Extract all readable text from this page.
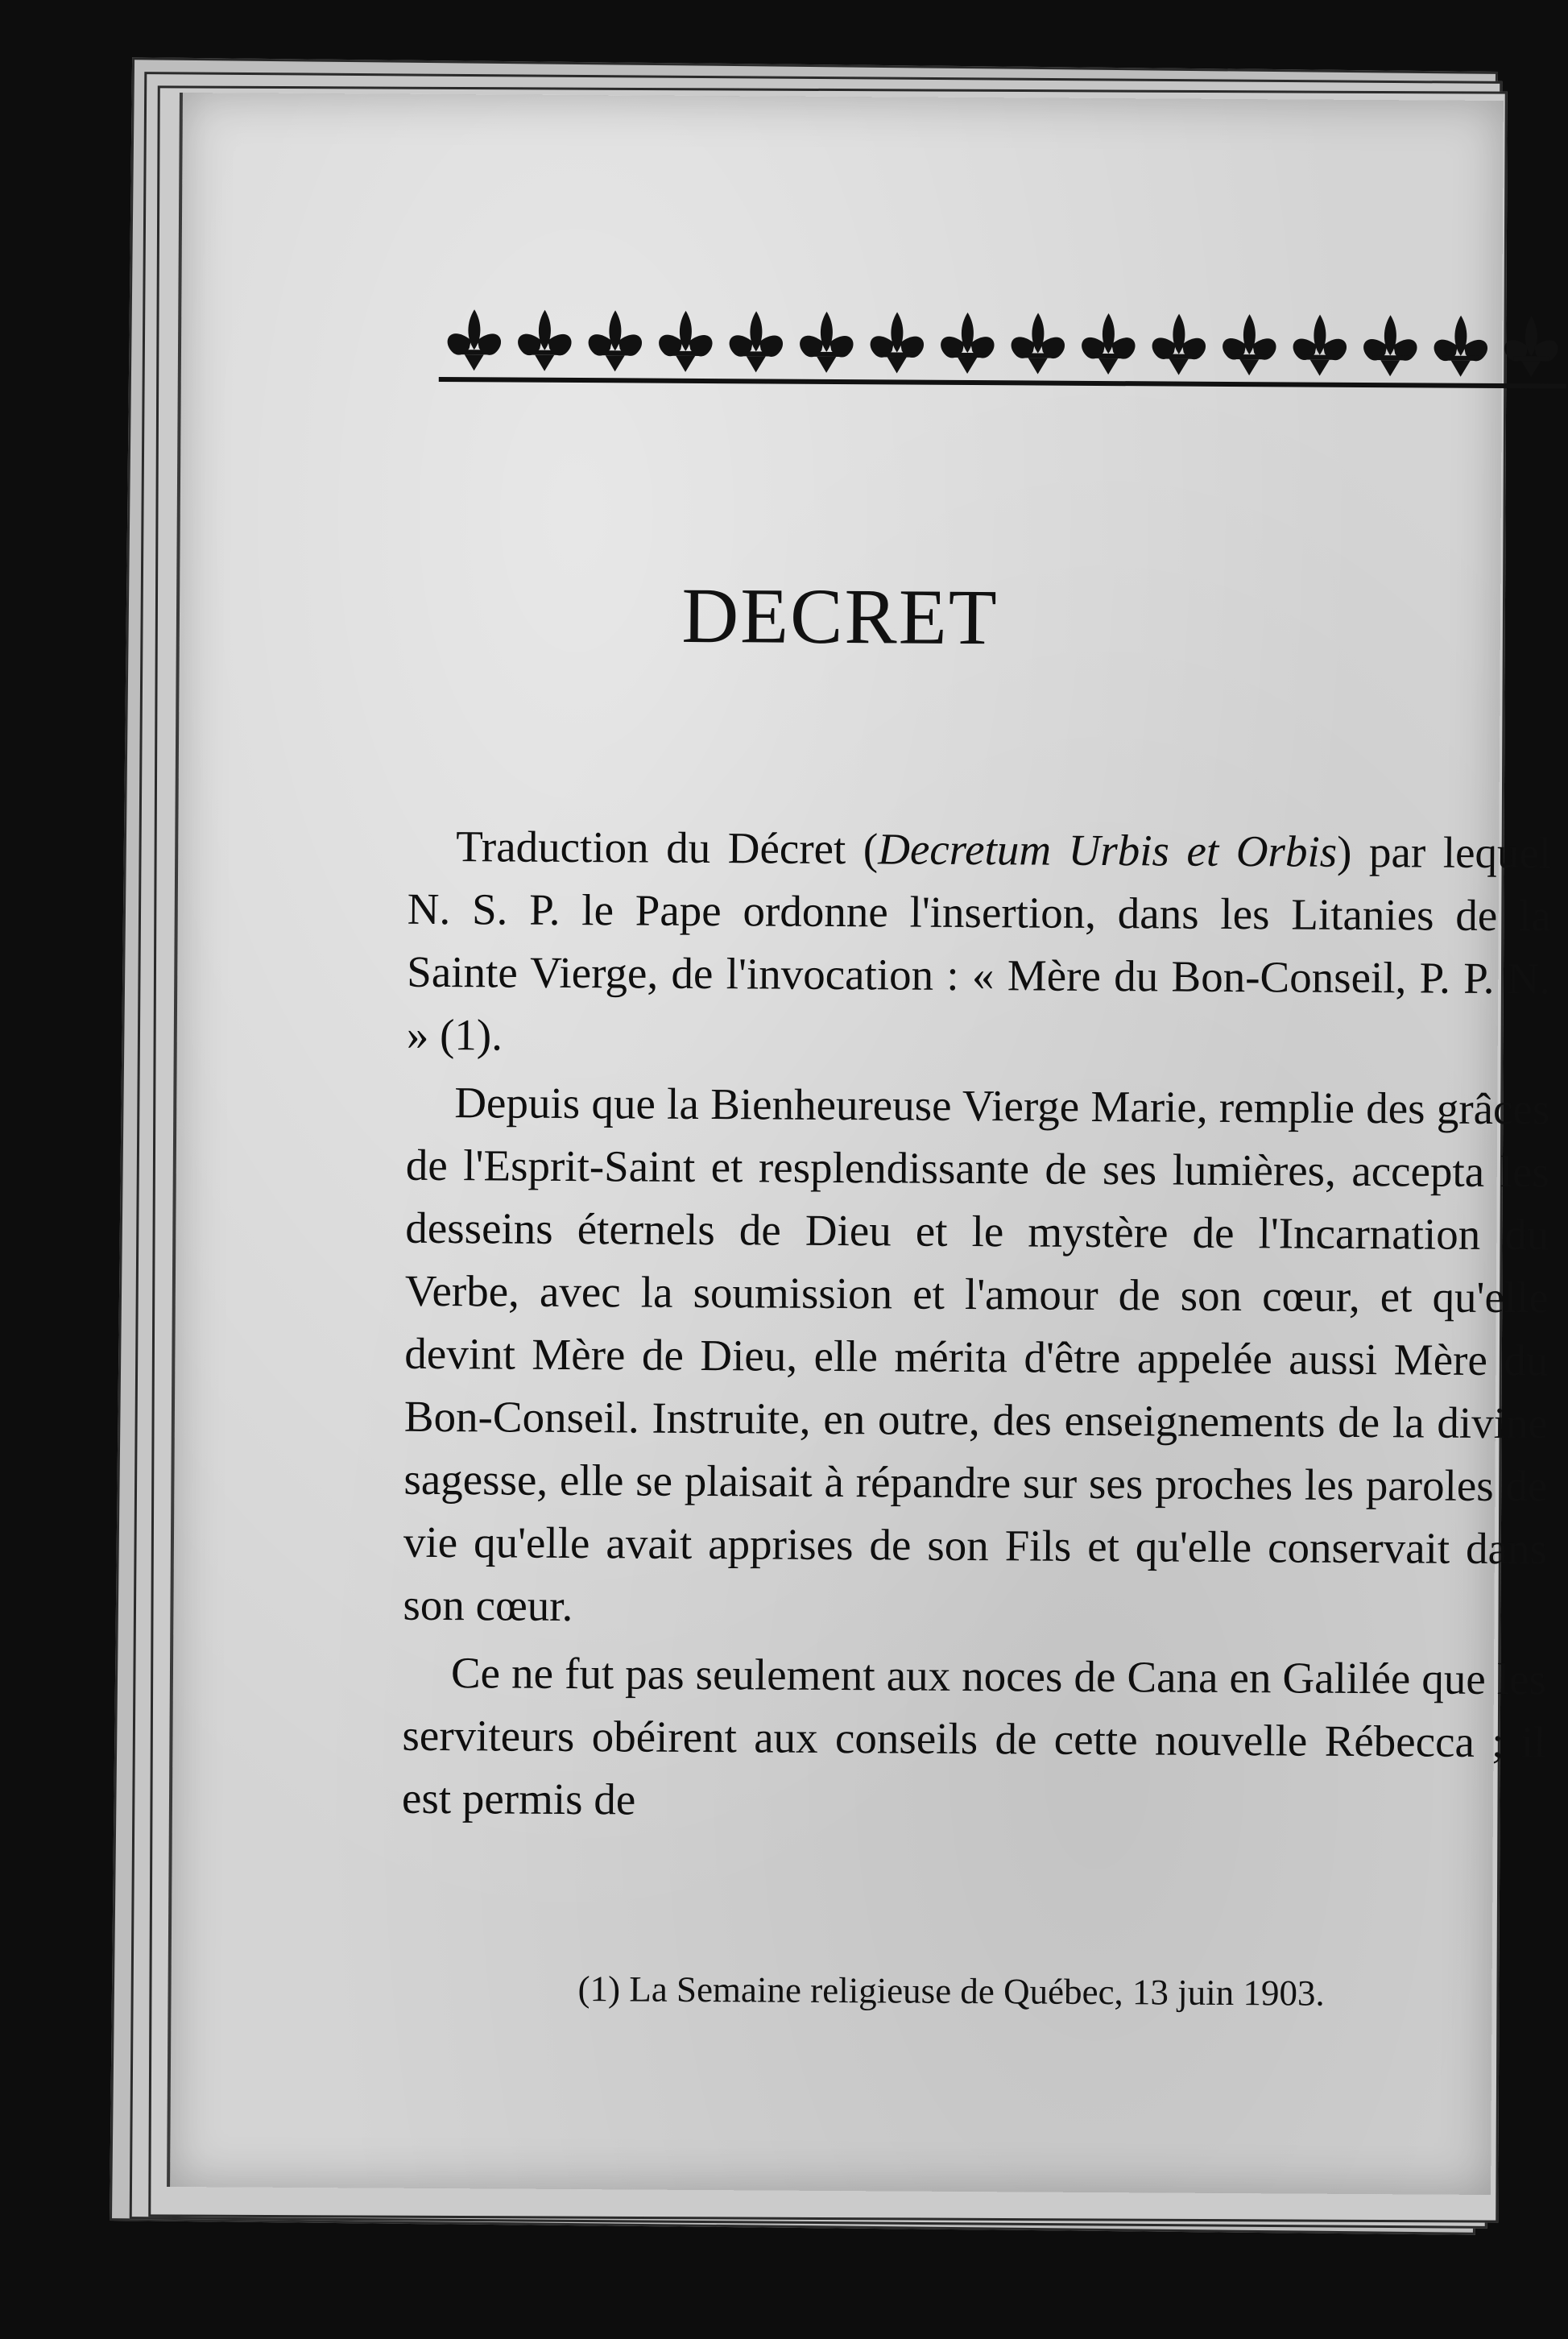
DECRET

Traduction du Décret (Decretum Urbis et Orbis) par lequel N. S. P. le Pape ordonne l'insertion, dans les Litanies de la Sainte Vierge, de l'invocation : « Mère du Bon-Conseil, P. P. N. » (1).

Depuis que la Bienheureuse Vierge Marie, remplie des grâces de l'Esprit-Saint et resplendissante de ses lumières, accepta les desseins éternels de Dieu et le mystère de l'Incarnation du Verbe, avec la soumission et l'amour de son cœur, et qu'elle devint Mère de Dieu, elle mérita d'être appelée aussi Mère du Bon-Conseil. Instruite, en outre, des enseignements de la divine sagesse, elle se plaisait à répandre sur ses proches les paroles de vie qu'elle avait apprises de son Fils et qu'elle conservait dans son cœur.

Ce ne fut pas seulement aux noces de Cana en Galilée que les serviteurs obéirent aux conseils de cette nouvelle Rébecca ; il est permis de

(1) La Semaine religieuse de Québec, 13 juin 1903.
